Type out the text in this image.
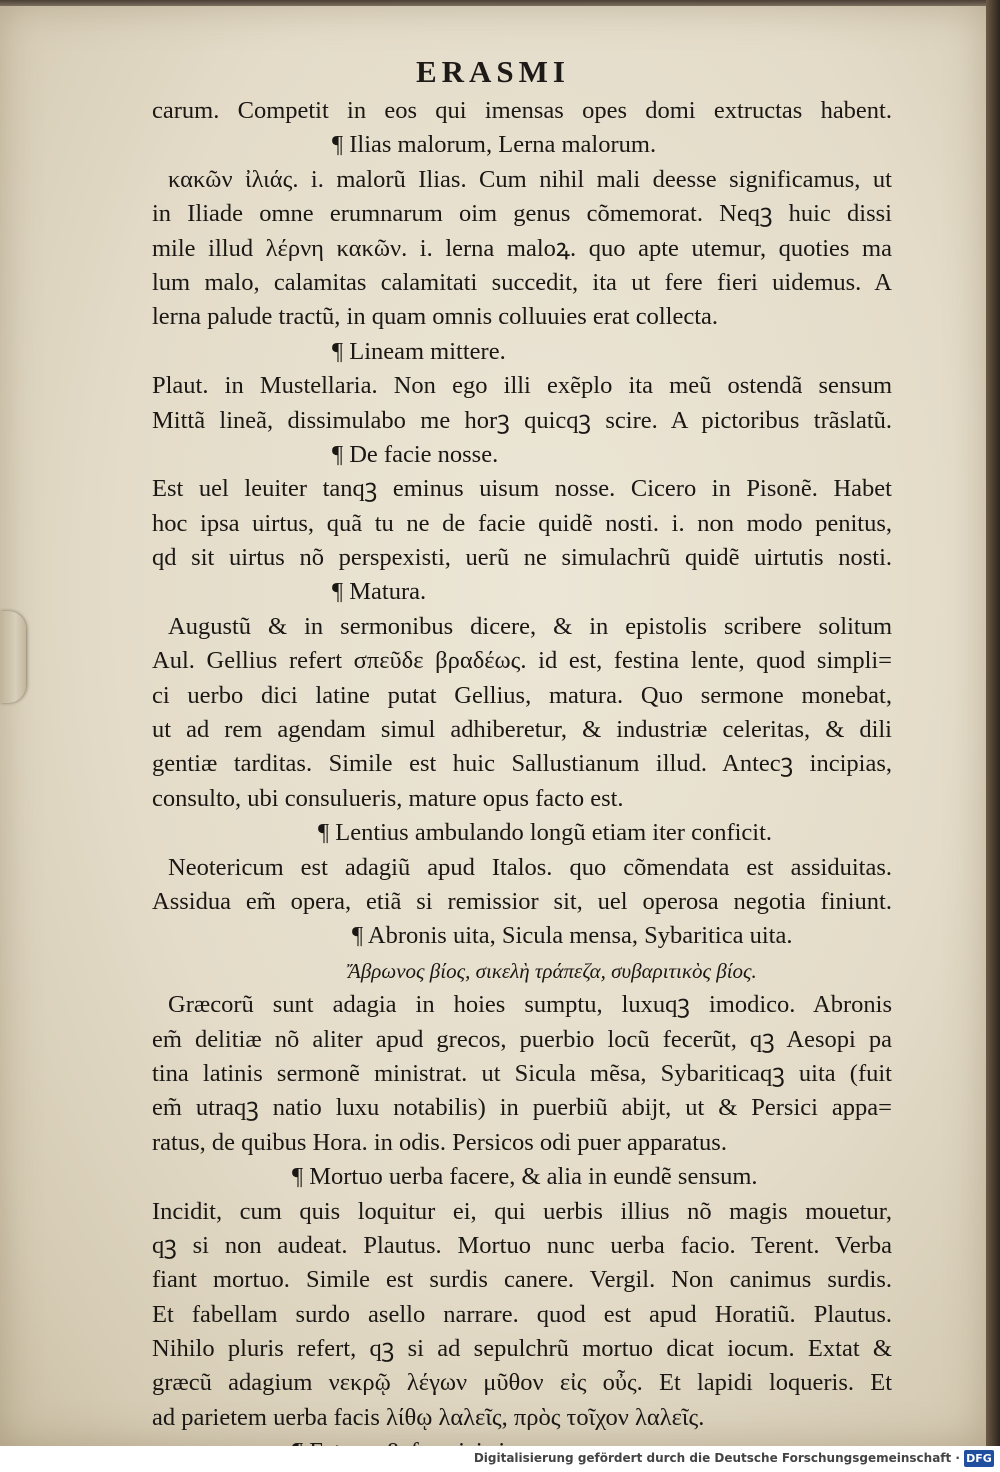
ERASMI
carum. Competit in eos qui imensas opes domi extructas habent.
¶ Ilias malorum, Lerna malorum.
κακῶν ἰλιάς. i. malorũ Ilias. Cum nihil mali deesse significamus, ut
in Iliade omne erumnarum oim genus cõmemorat. Neqꝫ huic dissi
mile illud λέρνη κακῶν. i. lerna maloꝝ. quo apte utemur, quoties ma
lum malo, calamitas calamitati succedit, ita ut fere fieri uidemus. A
lerna palude tractũ, in quam omnis colluuies erat collecta.
¶ Lineam mittere.
Plaut. in Mustellaria. Non ego illi exẽplo ita meũ ostendã sensum
Mittã lineã, dissimulabo me horꝫ quicqꝫ scire. A pictoribus trãslatũ.
¶ De facie nosse.
Est uel leuiter tanqꝫ eminus uisum nosse. Cicero in Pisonẽ. Habet
hoc ipsa uirtus, quã tu ne de facie quidẽ nosti. i. non modo penitus,
qd sit uirtus nõ perspexisti, uerũ ne simulachrũ quidẽ uirtutis nosti.
¶ Matura.
Augustũ & in sermonibus dicere, & in epistolis scribere solitum
Aul. Gellius refert σπεῦδε βραδέως. id est, festina lente, quod simpli=
ci uerbo dici latine putat Gellius, matura. Quo sermone monebat,
ut ad rem agendam simul adhiberetur, & industriæ celeritas, & dili
gentiæ tarditas. Simile est huic Sallustianum illud. Antecꝫ incipias,
consulto, ubi consulueris, mature opus facto est.
¶ Lentius ambulando longũ etiam iter conficit.
Neotericum est adagiũ apud Italos. quo cõmendata est assiduitas.
Assidua em̃ opera, etiã si remissior sit, uel operosa negotia finiunt.
¶ Abronis uita, Sicula mensa, Sybaritica uita.
Ἄβρωνος βίος, σικελὴ τράπεζα, συβαριτικὸς βίος.
Græcorũ sunt adagia in hoies sumptu, luxuqꝫ imodico. Abronis
em̃ delitiæ nõ aliter apud grecos, puerbio locũ fecerũt, qꝫ Aesopi pa
tina latinis sermonẽ ministrat. ut Sicula mẽsa, Sybariticaqꝫ uita (fuit
em̃ utraqꝫ natio luxu notabilis) in puerbiũ abijt, ut & Persici appa=
ratus, de quibus Hora. in odis. Persicos odi puer apparatus.
¶ Mortuo uerba facere, & alia in eundẽ sensum.
Incidit, cum quis loquitur ei, qui uerbis illius nõ magis mouetur,
qꝫ si non audeat. Plautus. Mortuo nunc uerba facio. Terent. Verba
fiant mortuo. Simile est surdis canere. Vergil. Non canimus surdis.
Et fabellam surdo asello narrare. quod est apud Horatiũ. Plautus.
Nihilo pluris refert, qꝫ si ad sepulchrũ mortuo dicat iocum. Extat &
græcũ adagium νεκρῷ λέγων μῦθον εἰς οὖς. Et lapidi loqueris. Et
ad parietem uerba facis λίθῳ λαλεῖς, πρὸς τοῖχον λαλεῖς.
Digitalisierung gefördert durch die Deutsche Forschungsgemeinschaft · DFG
